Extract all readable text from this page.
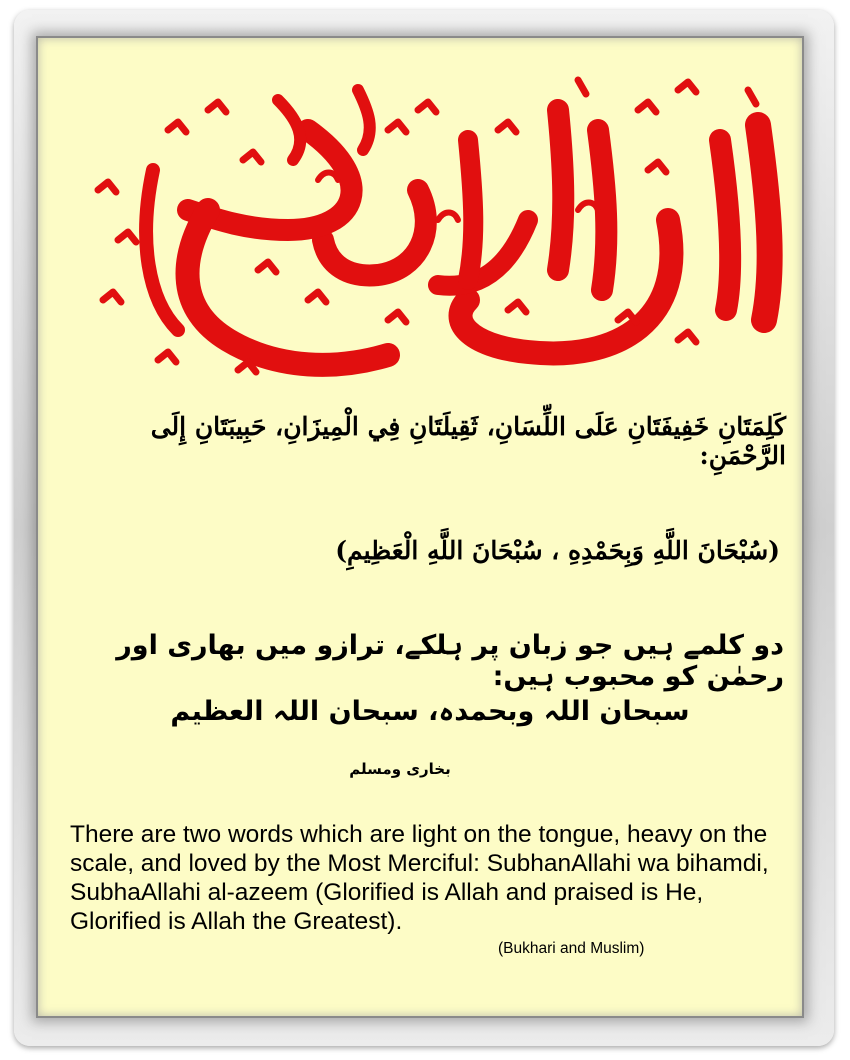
كَلِمَتَانِ خَفِيفَتَانِ عَلَى اللِّسَانِ، ثَقِيلَتَانِ فِي الْمِيزَانِ، حَبِيبَتَانِ إِلَى الرَّحْمَنِ:
(سُبْحَانَ اللَّهِ وَبِحَمْدِهِ ، سُبْحَانَ اللَّهِ الْعَظِيمِ)
دو کلمے ہیں جو زبان پر ہلکے، ترازو میں بھاری اور رحمٰن کو محبوب ہیں:
سبحان اللہ وبحمدہ، سبحان اللہ العظیم
بخاری ومسلم
There are two words which are light on the tongue, heavy on the scale, and loved by the Most Merciful: SubhanAllahi wa bihamdi, SubhaAllahi al-azeem (Glorified is Allah and praised is He, Glorified is Allah the Greatest).
(Bukhari and Muslim)
